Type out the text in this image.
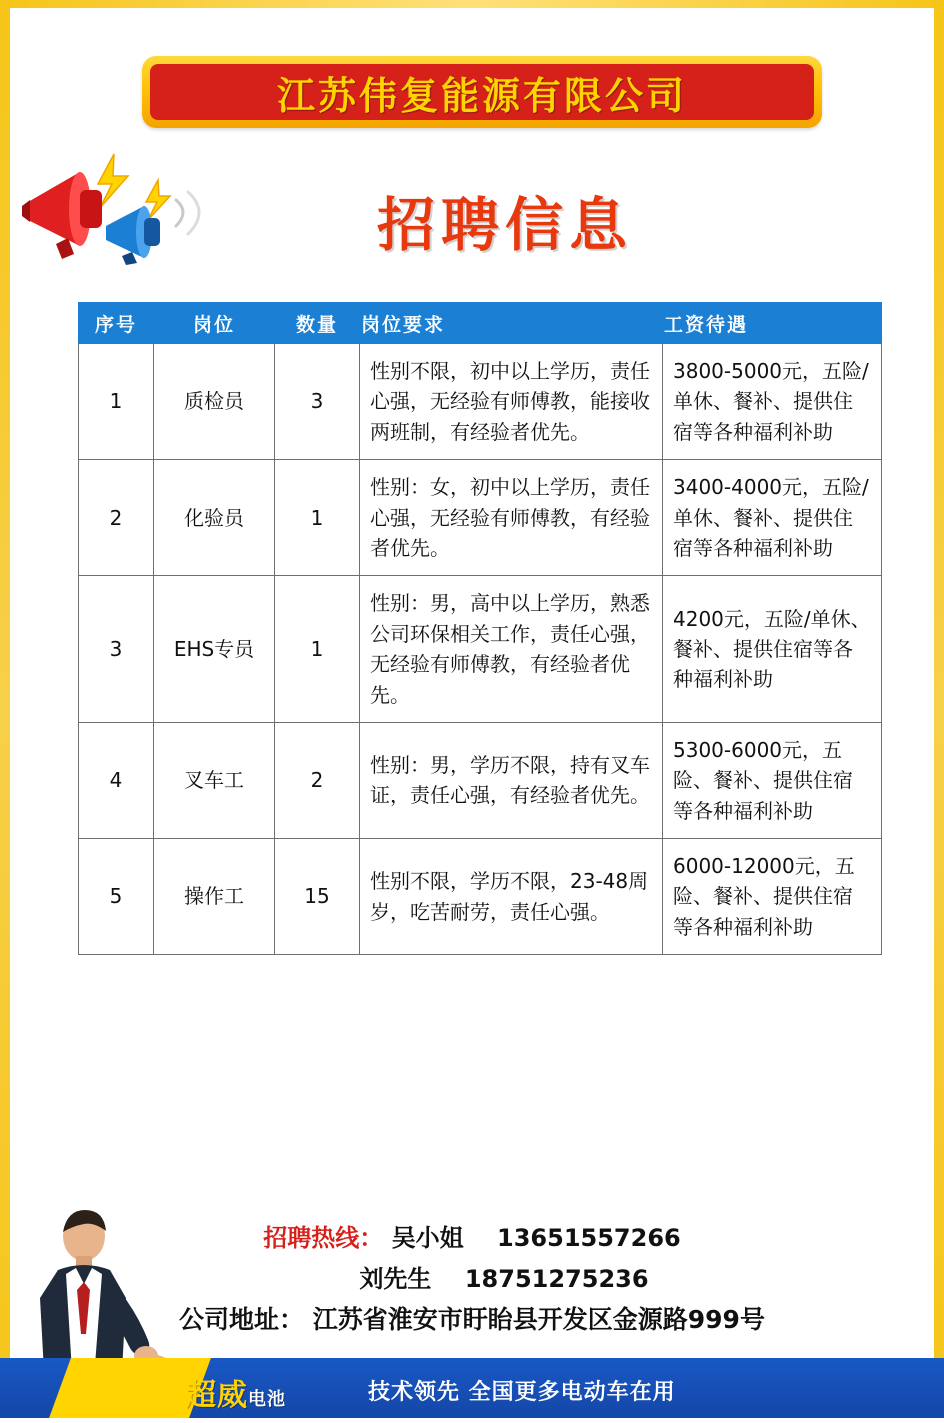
江苏伟复能源有限公司
招聘信息
序号	岗位	数量	岗位要求	工资待遇
1	质检员	3	性别不限，初中以上学历，责任心强，无经验有师傅教，能接收两班制，有经验者优先。	3800-5000元，五险/单休、餐补、提供住宿等各种福利补助
2	化验员	1	性别：女，初中以上学历，责任心强，无经验有师傅教，有经验者优先。	3400-4000元，五险/单休、餐补、提供住宿等各种福利补助
3	EHS专员	1	性别：男，高中以上学历，熟悉公司环保相关工作，责任心强，无经验有师傅教，有经验者优先。	4200元，五险/单休、餐补、提供住宿等各种福利补助
4	叉车工	2	性别：男，学历不限，持有叉车证，责任心强，有经验者优先。	5300-6000元，五险、餐补、提供住宿等各种福利补助
5	操作工	15	性别不限，学历不限，23-48周岁，吃苦耐劳，责任心强。	6000-12000元，五险、餐补、提供住宿等各种福利补助
招聘热线： 吴小姐 13651557266
刘先生 18751275236
公司地址： 江苏省淮安市盱眙县开发区金源路999号
超威电池	技术领先 全国更多电动车在用
